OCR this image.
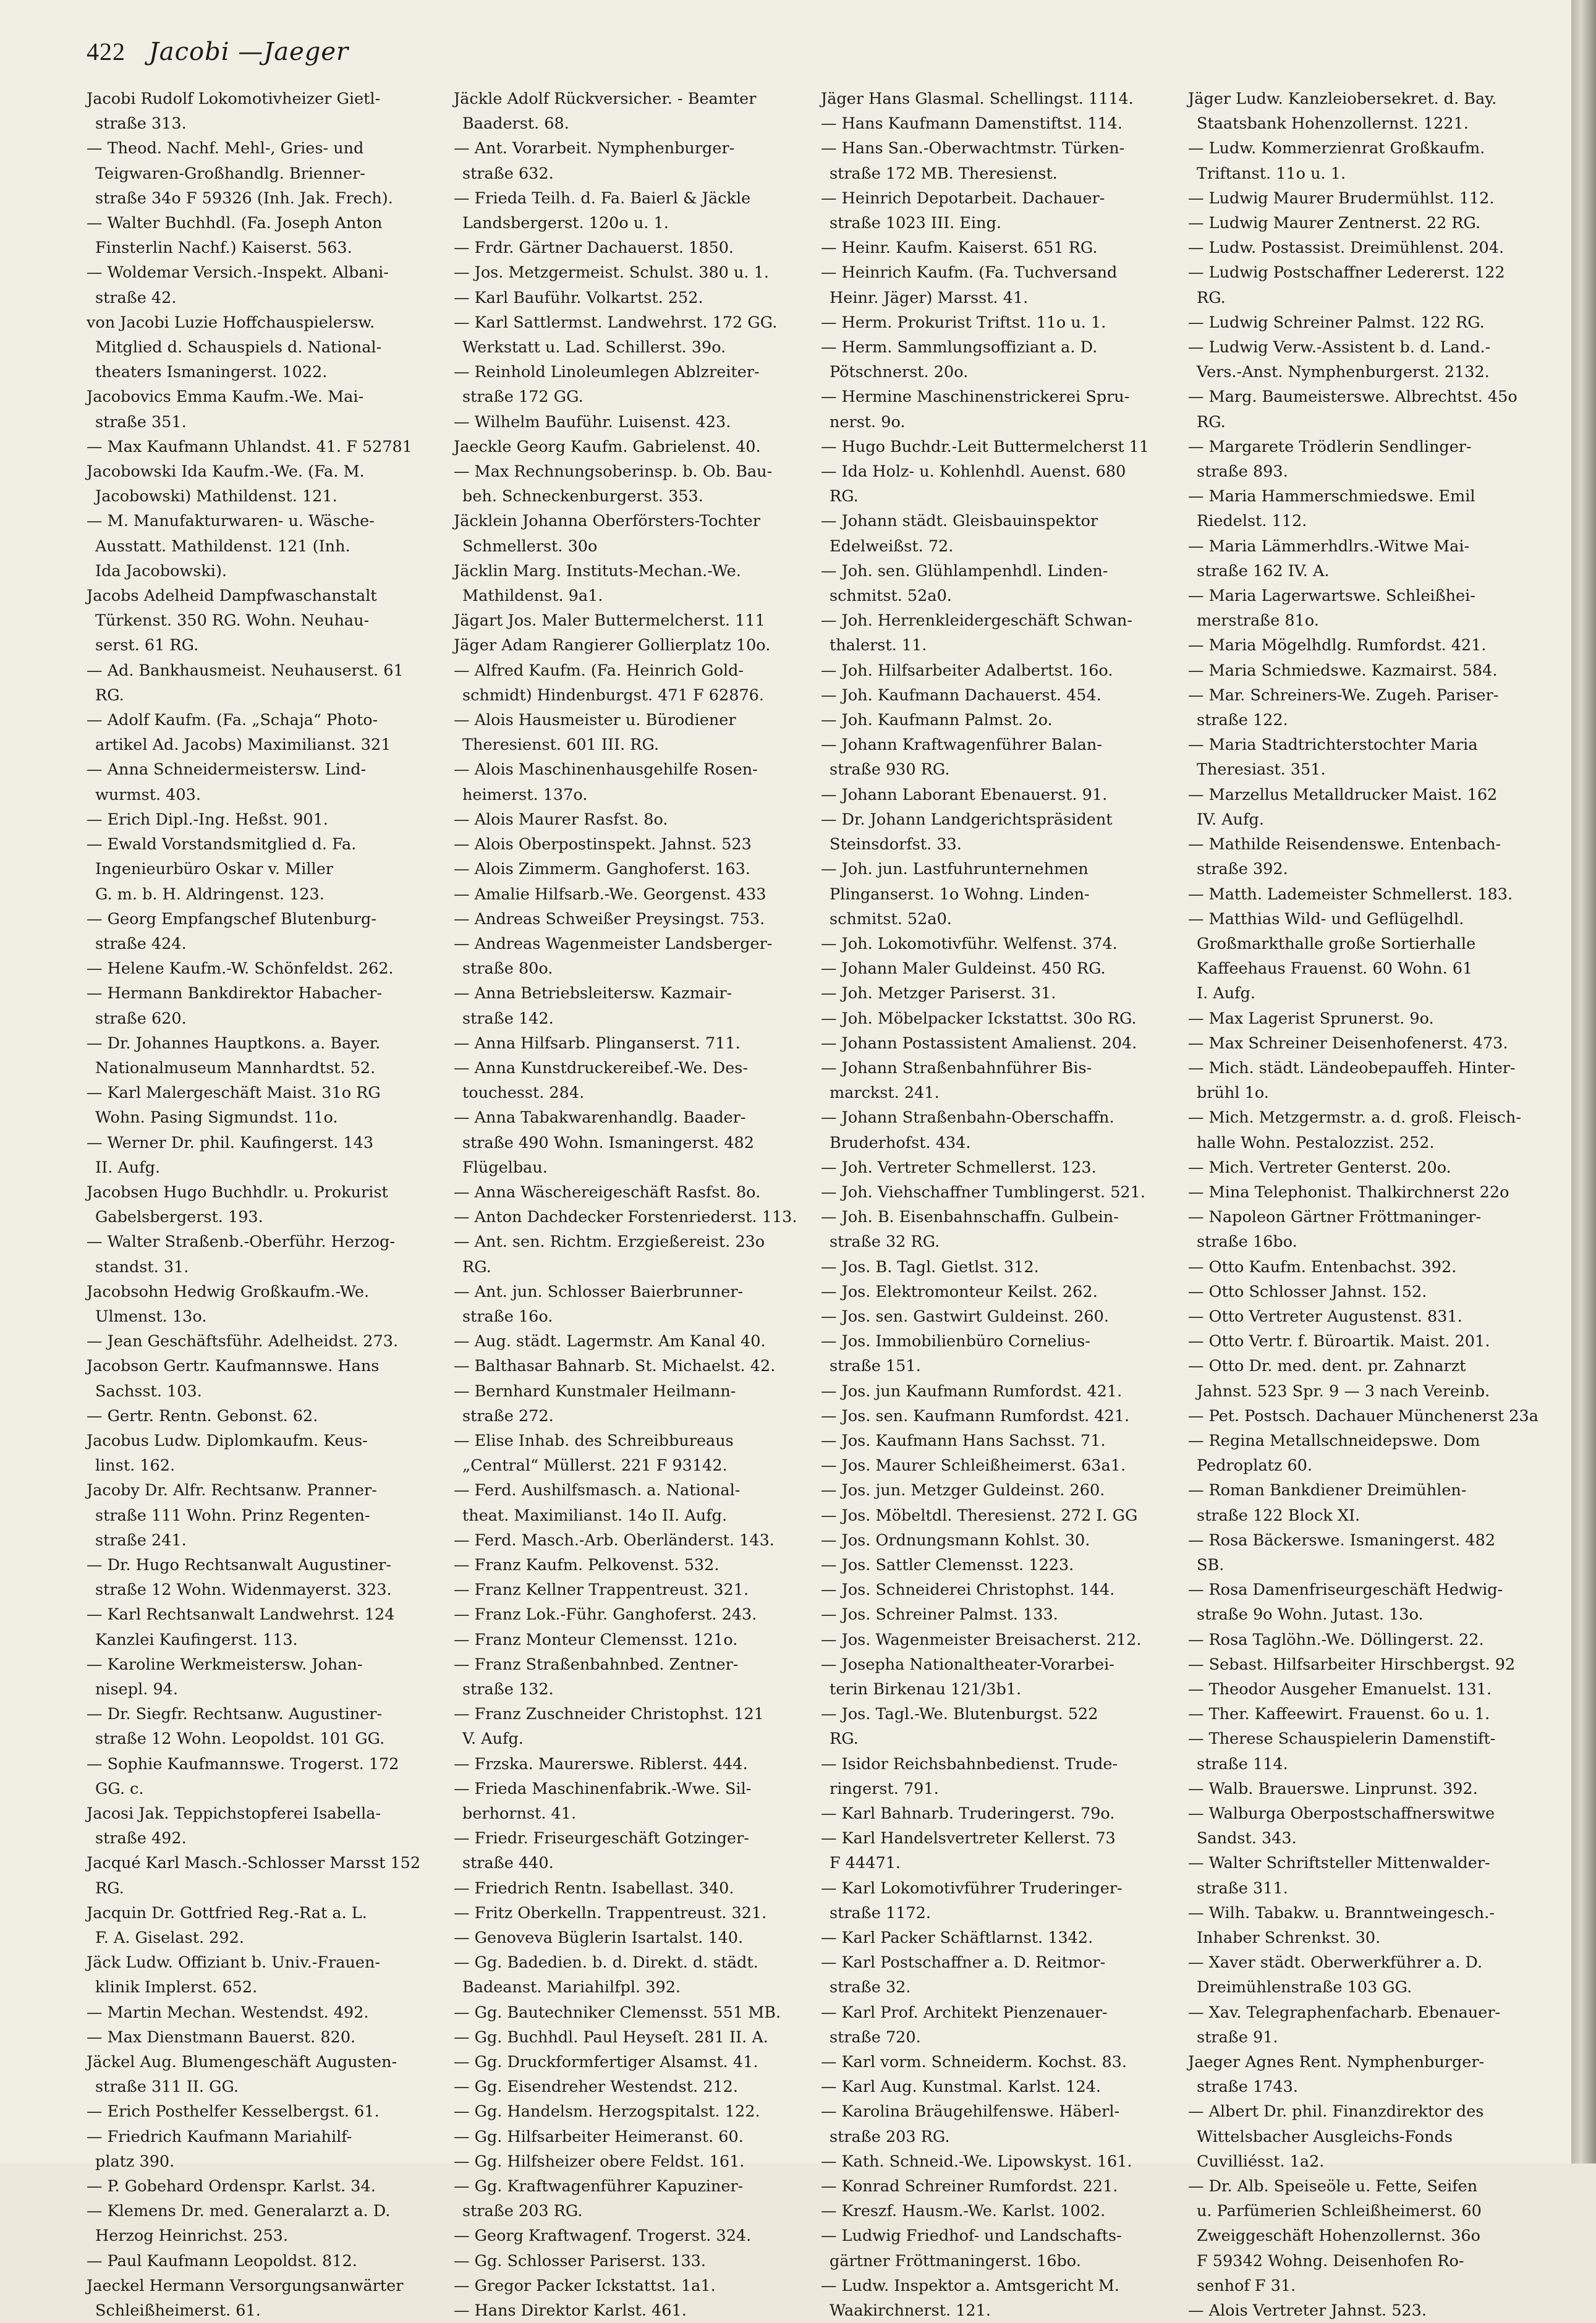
422 Jacobi —Jaeger

Jacobi Rudolf Lokomotivheizer Gietl-
straße 313.

— Theod. Nachf. Mehl-, Gries- und
Teigwaren-Großhandlg. Brienner-
straße 34o F 59326 (Inh. Jak. Frech).

— Walter Buchhdl. (Fa. Joseph Anton
Finsterlin Nachf.) Kaiserst. 563.

— Woldemar Versich.-Inspekt. Albani-
straße 42.

von Jacobi Luzie Hoffchauspielersw.
Mitglied d. Schauspiels d. National-
theaters Ismaningerst. 1022.

Jacobovics Emma Kaufm.-We. Mai-
straße 351.

— Max Kaufmann Uhlandst. 41. F 52781

Jacobowski Ida Kaufm.-We. (Fa. M.
Jacobowski) Mathildenst. 121.

— M. Manufakturwaren- u. Wäsche-
Ausstatt. Mathildenst. 121 (Inh.
Ida Jacobowski).

Jacobs Adelheid Dampfwaschanstalt
Türkenst. 350 RG. Wohn. Neuhau-
serst. 61 RG.

— Ad. Bankhausmeist. Neuhauserst. 61
RG.

— Adolf Kaufm. (Fa. „Schaja“ Photo-
artikel Ad. Jacobs) Maximilianst. 321

— Anna Schneidermeistersw. Lind-
wurmst. 403.

— Erich Dipl.-Ing. Heßst. 901.

— Ewald Vorstandsmitglied d. Fa.
Ingenieurbüro Oskar v. Miller
G. m. b. H. Aldringenst. 123.

— Georg Empfangschef Blutenburg-
straße 424.

— Helene Kaufm.-W. Schönfeldst. 262.

— Hermann Bankdirektor Habacher-
straße 620.

— Dr. Johannes Hauptkons. a. Bayer.
Nationalmuseum Mannhardtst. 52.

— Karl Malergeschäft Maist. 31o RG
Wohn. Pasing Sigmundst. 11o.

— Werner Dr. phil. Kaufingerst. 143
II. Aufg.

Jacobsen Hugo Buchhdlr. u. Prokurist
Gabelsbergerst. 193.

— Walter Straßenb.-Oberführ. Herzog-
standst. 31.

Jacobsohn Hedwig Großkaufm.-We.
Ulmenst. 13o.

— Jean Geschäftsführ. Adelheidst. 273.

Jacobson Gertr. Kaufmannswe. Hans
Sachsst. 103.

— Gertr. Rentn. Gebonst. 62.

Jacobus Ludw. Diplomkaufm. Keus-
linst. 162.

Jacoby Dr. Alfr. Rechtsanw. Pranner-
straße 111 Wohn. Prinz Regenten-
straße 241.

— Dr. Hugo Rechtsanwalt Augustiner-
straße 12 Wohn. Widenmayerst. 323.

— Karl Rechtsanwalt Landwehrst. 124
Kanzlei Kaufingerst. 113.

— Karoline Werkmeistersw. Johan-
nisepl. 94.

— Dr. Siegfr. Rechtsanw. Augustiner-
straße 12 Wohn. Leopoldst. 101 GG.

— Sophie Kaufmannswe. Trogerst. 172
GG. c.

Jacosi Jak. Teppichstopferei Isabella-
straße 492.

Jacqué Karl Masch.-Schlosser Marsst 152
RG.

Jacquin Dr. Gottfried Reg.-Rat a. L.
F. A. Giselast. 292.

Jäck Ludw. Offiziant b. Univ.-Frauen-
klinik Implerst. 652.

— Martin Mechan. Westendst. 492.

— Max Dienstmann Bauerst. 820.

Jäckel Aug. Blumengeschäft Augusten-
straße 311 II. GG.

— Erich Posthelfer Kesselbergst. 61.

— Friedrich Kaufmann Mariahilf-
platz 390.

— P. Gobehard Ordenspr. Karlst. 34.

— Klemens Dr. med. Generalarzt a. D.
Herzog Heinrichst. 253.

— Paul Kaufmann Leopoldst. 812.

Jaeckel Hermann Versorgungsanwärter
Schleißheimerst. 61.

Jäckle Adolf Rückversicher. - Beamter
Baaderst. 68.

— Ant. Vorarbeit. Nymphenburger-
straße 632.

— Frieda Teilh. d. Fa. Baierl & Jäckle
Landsbergerst. 120o u. 1.

— Frdr. Gärtner Dachauerst. 1850.

— Jos. Metzgermeist. Schulst. 380 u. 1.

— Karl Bauführ. Volkartst. 252.

— Karl Sattlermst. Landwehrst. 172 GG.
Werkstatt u. Lad. Schillerst. 39o.

— Reinhold Linoleumlegen Ablzreiter-
straße 172 GG.

— Wilhelm Bauführ. Luisenst. 423.

Jaeckle Georg Kaufm. Gabrielenst. 40.

— Max Rechnungsoberinsp. b. Ob. Bau-
beh. Schneckenburgerst. 353.

Jäcklein Johanna Oberförsters-Tochter
Schmellerst. 30o

Jäcklin Marg. Instituts-Mechan.-We.
Mathildenst. 9a1.

Jägart Jos. Maler Buttermelcherst. 111

Jäger Adam Rangierer Gollierplatz 10o.

— Alfred Kaufm. (Fa. Heinrich Gold-
schmidt) Hindenburgst. 471 F 62876.

— Alois Hausmeister u. Bürodiener
Theresienst. 601 III. RG.

— Alois Maschinenhausgehilfe Rosen-
heimerst. 137o.

— Alois Maurer Rasfst. 8o.

— Alois Oberpostinspekt. Jahnst. 523

— Alois Zimmerm. Ganghoferst. 163.

— Amalie Hilfsarb.-We. Georgenst. 433

— Andreas Schweißer Preysingst. 753.

— Andreas Wagenmeister Landsberger-
straße 80o.

— Anna Betriebsleitersw. Kazmair-
straße 142.

— Anna Hilfsarb. Plinganserst. 711.

— Anna Kunstdruckereibef.-We. Des-
touchesst. 284.

— Anna Tabakwarenhandlg. Baader-
straße 490 Wohn. Ismaningerst. 482
Flügelbau.

— Anna Wäschereigeschäft Rasfst. 8o.

— Anton Dachdecker Forstenriederst. 113.

— Ant. sen. Richtm. Erzgießereist. 23o
RG.

— Ant. jun. Schlosser Baierbrunner-
straße 16o.

— Aug. städt. Lagermstr. Am Kanal 40.

— Balthasar Bahnarb. St. Michaelst. 42.

— Bernhard Kunstmaler Heilmann-
straße 272.

— Elise Inhab. des Schreibbureaus
„Central“ Müllerst. 221 F 93142.

— Ferd. Aushilfsmasch. a. National-
theat. Maximilianst. 14o II. Aufg.

— Ferd. Masch.-Arb. Oberländerst. 143.

— Franz Kaufm. Pelkovenst. 532.

— Franz Kellner Trappentreust. 321.

— Franz Lok.-Führ. Ganghoferst. 243.

— Franz Monteur Clemensst. 121o.

— Franz Straßenbahnbed. Zentner-
straße 132.

— Franz Zuschneider Christophst. 121
V. Aufg.

— Frzska. Maurerswe. Riblerst. 444.

— Frieda Maschinenfabrik.-Wwe. Sil-
berhornst. 41.

— Friedr. Friseurgeschäft Gotzinger-
straße 440.

— Friedrich Rentn. Isabellast. 340.

— Fritz Oberkelln. Trappentreust. 321.

— Genoveva Büglerin Isartalst. 140.

— Gg. Badedien. b. d. Direkt. d. städt.
Badeanst. Mariahilfpl. 392.

— Gg. Bautechniker Clemensst. 551 MB.

— Gg. Buchhdl. Paul Heyseſt. 281 II. A.

— Gg. Druckformfertiger Alsamst. 41.

— Gg. Eisendreher Westendst. 212.

— Gg. Handelsm. Herzogspitalst. 122.

— Gg. Hilfsarbeiter Heimeranst. 60.

— Gg. Hilfsheizer obere Feldst. 161.

— Gg. Kraftwagenführer Kapuziner-
straße 203 RG.

— Georg Kraftwagenf. Trogerst. 324.

— Gg. Schlosser Pariserst. 133.

— Gregor Packer Ickstattst. 1a1.

— Hans Direktor Karlst. 461.

Jäger Hans Glasmal. Schellingst. 1114.

— Hans Kaufmann Damenstiftst. 114.

— Hans San.-Oberwachtmstr. Türken-
straße 172 MB. Theresienst.

— Heinrich Depotarbeit. Dachauer-
straße 1023 III. Eing.

— Heinr. Kaufm. Kaiserst. 651 RG.

— Heinrich Kaufm. (Fa. Tuchversand
Heinr. Jäger) Marsst. 41.

— Herm. Prokurist Triftst. 11o u. 1.

— Herm. Sammlungsoffiziant a. D.
Pötschnerst. 20o.

— Hermine Maschinenstrickerei Spru-
nerst. 9o.

— Hugo Buchdr.-Leit Buttermelcherst 11

— Ida Holz- u. Kohlenhdl. Auenst. 680
RG.

— Johann städt. Gleisbauinspektor
Edelweißst. 72.

— Joh. sen. Glühlampenhdl. Linden-
schmitst. 52a0.

— Joh. Herrenkleidergeschäft Schwan-
thalerst. 11.

— Joh. Hilfsarbeiter Adalbertst. 16o.

— Joh. Kaufmann Dachauerst. 454.

— Joh. Kaufmann Palmst. 2o.

— Johann Kraftwagenführer Balan-
straße 930 RG.

— Johann Laborant Ebenauerst. 91.

— Dr. Johann Landgerichtspräsident
Steinsdorfst. 33.

— Joh. jun. Lastfuhrunternehmen
Plinganserst. 1o Wohng. Linden-
schmitst. 52a0.

— Joh. Lokomotivführ. Welfenst. 374.

— Johann Maler Guldeinst. 450 RG.

— Joh. Metzger Pariserst. 31.

— Joh. Möbelpacker Ickstattst. 30o RG.

— Johann Postassistent Amalienst. 204.

— Johann Straßenbahnführer Bis-
marckst. 241.

— Johann Straßenbahn-Oberschaffn.
Bruderhofst. 434.

— Joh. Vertreter Schmellerst. 123.

— Joh. Viehschaffner Tumblingerst. 521.

— Joh. B. Eisenbahnschaffn. Gulbein-
straße 32 RG.

— Jos. B. Tagl. Gietlst. 312.

— Jos. Elektromonteur Keilst. 262.

— Jos. sen. Gastwirt Guldeinst. 260.

— Jos. Immobilienbüro Cornelius-
straße 151.

— Jos. jun Kaufmann Rumfordst. 421.

— Jos. sen. Kaufmann Rumfordst. 421.

— Jos. Kaufmann Hans Sachsst. 71.

— Jos. Maurer Schleißheimerst. 63a1.

— Jos. jun. Metzger Guldeinst. 260.

— Jos. Möbeltdl. Theresienst. 272 I. GG

— Jos. Ordnungsmann Kohlst. 30.

— Jos. Sattler Clemensst. 1223.

— Jos. Schneiderei Christophst. 144.

— Jos. Schreiner Palmst. 133.

— Jos. Wagenmeister Breisacherst. 212.

— Josepha Nationaltheater-Vorarbei-
terin Birkenau 121/3b1.

— Jos. Tagl.-We. Blutenburgst. 522
RG.

— Isidor Reichsbahnbedienst. Trude-
ringerst. 791.

— Karl Bahnarb. Truderingerst. 79o.

— Karl Handelsvertreter Kellerst. 73
F 44471.

— Karl Lokomotivführer Truderinger-
straße 1172.

— Karl Packer Schäftlarnst. 1342.

— Karl Postschaffner a. D. Reitmor-
straße 32.

— Karl Prof. Architekt Pienzenauer-
straße 720.

— Karl vorm. Schneiderm. Kochst. 83.

— Karl Aug. Kunstmal. Karlst. 124.

— Karolina Bräugehilfenswe. Häberl-
straße 203 RG.

— Kath. Schneid.-We. Lipowskyst. 161.

— Konrad Schreiner Rumfordst. 221.

— Kreszf. Hausm.-We. Karlst. 1002.

— Ludwig Friedhof- und Landschafts-
gärtner Fröttmaningerst. 16bo.

— Ludw. Inspektor a. Amtsgericht M.
Waakirchnerst. 121.

Jäger Ludw. Kanzleiobersekret. d. Bay.
Staatsbank Hohenzollernst. 1221.

— Ludw. Kommerzienrat Großkaufm.
Triftanst. 11o u. 1.

— Ludwig Maurer Brudermühlst. 112.

— Ludwig Maurer Zentnerst. 22 RG.

— Ludw. Postassist. Dreimühlenst. 204.

— Ludwig Postschaffner Ledererst. 122
RG.

— Ludwig Schreiner Palmst. 122 RG.

— Ludwig Verw.-Assistent b. d. Land.-
Vers.-Anst. Nymphenburgerst. 2132.

— Marg. Baumeisterswe. Albrechtst. 45o
RG.

— Margarete Trödlerin Sendlinger-
straße 893.

— Maria Hammerschmiedswe. Emil
Riedelst. 112.

— Maria Lämmerhdlrs.-Witwe Mai-
straße 162 IV. A.

— Maria Lagerwartswe. Schleißhei-
merstraße 81o.

— Maria Mögelhdlg. Rumfordst. 421.

— Maria Schmiedswe. Kazmairst. 584.

— Mar. Schreiners-We. Zugeh. Pariser-
straße 122.

— Maria Stadtrichterstochter Maria
Theresiast. 351.

— Marzellus Metalldrucker Maist. 162
IV. Aufg.

— Mathilde Reisendenswe. Entenbach-
straße 392.

— Matth. Lademeister Schmellerst. 183.

— Matthias Wild- und Geflügelhdl.
Großmarkthalle große Sortierhalle
Kaffeehaus Frauenst. 60 Wohn. 61
I. Aufg.

— Max Lagerist Sprunerst. 9o.

— Max Schreiner Deisenhofenerst. 473.

— Mich. städt. Ländeobераuffeh. Hinter-
brühl 1o.

— Mich. Metzgermstr. a. d. groß. Fleisch-
halle Wohn. Pestalozzist. 252.

— Mich. Vertreter Genterst. 20o.

— Mina Telephonist. Thalkirchnerst 22o

— Napoleon Gärtner Fröttmaninger-
straße 16bo.

— Otto Kaufm. Entenbachst. 392.

— Otto Schlosser Jahnst. 152.

— Otto Vertreter Augustenst. 831.

— Otto Vertr. f. Büroartik. Maist. 201.

— Otto Dr. med. dent. pr. Zahnarzt
Jahnst. 523 Spr. 9 — 3 nach Vereinb.

— Pet. Postsch. Dachauer Münchenerst 23a

— Regina Metallschneidерswe. Dom
Pedroplatz 60.

— Roman Bankdiener Dreimühlen-
straße 122 Block XI.

— Rosa Bäckerswe. Ismaningerst. 482
SB.

— Rosa Damenfriseurgeschäft Hedwig-
straße 9o Wohn. Jutast. 13o.

— Rosa Taglöhn.-We. Döllingerst. 22.

— Sebast. Hilfsarbeiter Hirschbergst. 92

— Theodor Ausgeher Emanuelst. 131.

— Ther. Kaffeewirt. Frauenst. 6o u. 1.

— Therese Schauspielerin Damenstift-
straße 114.

— Walb. Brauerswe. Linprunst. 392.

— Walburga Oberpostschaffnerswitwe
Sandst. 343.

— Walter Schriftsteller Mittenwalder-
straße 311.

— Wilh. Tabakw. u. Branntweingesch.-
Inhaber Schrenkst. 30.

— Xaver städt. Oberwerkführer a. D.
Dreimühlenstraße 103 GG.

— Xav. Telegraphenfacharb. Ebenauer-
straße 91.

Jaeger Agnes Rent. Nymphenburger-
straße 1743.

— Albert Dr. phil. Finanzdirektor des
Wittelsbacher Ausgleichs-Fonds
Cuvilliésst. 1a2.

— Dr. Alb. Speiseöle u. Fette, Seifen
u. Parfümerien Schleißheimerst. 60
Zweiggeschäft Hohenzollernst. 36o
F 59342 Wohng. Deisenhofen Ro-
senhof F 31.

— Alois Vertreter Jahnst. 523.
